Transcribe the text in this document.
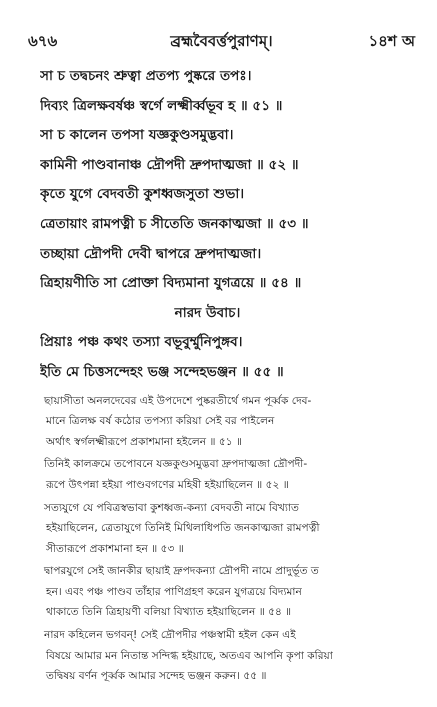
৬৭৬	ব্রহ্মবৈবর্ত্তপুরাণম্।	১৪শ অ
সা চ তদ্বচনং শ্রুত্বা প্রতপ্য পুষ্করে তপঃ।
দিব্যং ত্রিলক্ষবর্ষঞ্চ স্বর্গে লক্ষ্মীর্ব্বভূব হ ॥ ৫১ ॥
সা চ কালেন তপসা যজ্ঞকুণ্ডসমুদ্ভবা।
কামিনী পাণ্ডবানাঞ্চ দ্রৌপদী দ্রুপদাত্মজা ॥ ৫২ ॥
কৃতে যুগে বেদবতী কুশধ্বজসুতা শুভা।
ত্রেতায়াং রামপত্নী চ সীতেতি জনকাত্মজা ॥ ৫৩ ॥
তচ্ছায়া দ্রৌপদী দেবী দ্বাপরে দ্রুপদাত্মজা।
ত্রিহায়ণীতি সা প্রোক্তা বিদ্যমানা যুগত্রয়ে ॥ ৫৪ ॥
নারদ উবাচ।
প্রিয়াঃ পঞ্চ কথং তস্যা বভূবুর্ম্মুনিপুঙ্গব।
ইতি মে চিত্তসন্দেহং ভঞ্জ সন্দেহভঞ্জন ॥ ৫৫ ॥

ছায়াসীতা অনলদেবের এই উপদেশে পুষ্করতীর্থে গমন পূর্ব্বক দেব-
মানে ত্রিলক্ষ বর্ষ কঠোর তপস্যা করিয়া সেই বর পাইলেন
অর্থাৎ স্বর্গলক্ষ্মীরূপে প্রকাশমানা হইলেন ॥ ৫১ ॥

তিনিই কালক্রমে তপোবনে যজ্ঞকুণ্ডসমুদ্ভবা দ্রুপদাত্মজা দ্রৌপদী-
রূপে উৎপন্না হইয়া পাণ্ডবগণের মহিষী হইয়াছিলেন ॥ ৫২ ॥

সত্যযুগে যে পবিত্রস্বভাবা কুশধ্বজ-কন্যা বেদবতী নামে বিখ্যাত
হইয়াছিলেন, ত্রেতাযুগে তিনিই মিথিলাধিপতি জনকাত্মজা রামপত্নী
সীতারূপে প্রকাশমানা হন ॥ ৫৩ ॥

দ্বাপরযুগে সেই জানকীর ছায়াই দ্রুপদকন্যা দ্রৌপদী নামে প্রাদুর্ভূত ত
হন। এবং পঞ্চ পাণ্ডব তাঁহার পাণিগ্রহণ করেন যুগত্রয়ে বিদ্যমান
থাকাতে তিনি ত্রিহায়ণী বলিয়া বিখ্যাত হইয়াছিলেন ॥ ৫৪ ॥

নারদ কহিলেন ভগবন্! সেই দ্রৌপদীর পঞ্চস্বামী হইল কেন এই
বিষয়ে আমার মন নিতান্ত সন্দিগ্ধ হইয়াছে, অতএব আপনি কৃপা করিয়া
তদ্বিষয় বর্ণন পূর্ব্বক আমার সন্দেহ ভঞ্জন করুন। ৫৫ ॥
